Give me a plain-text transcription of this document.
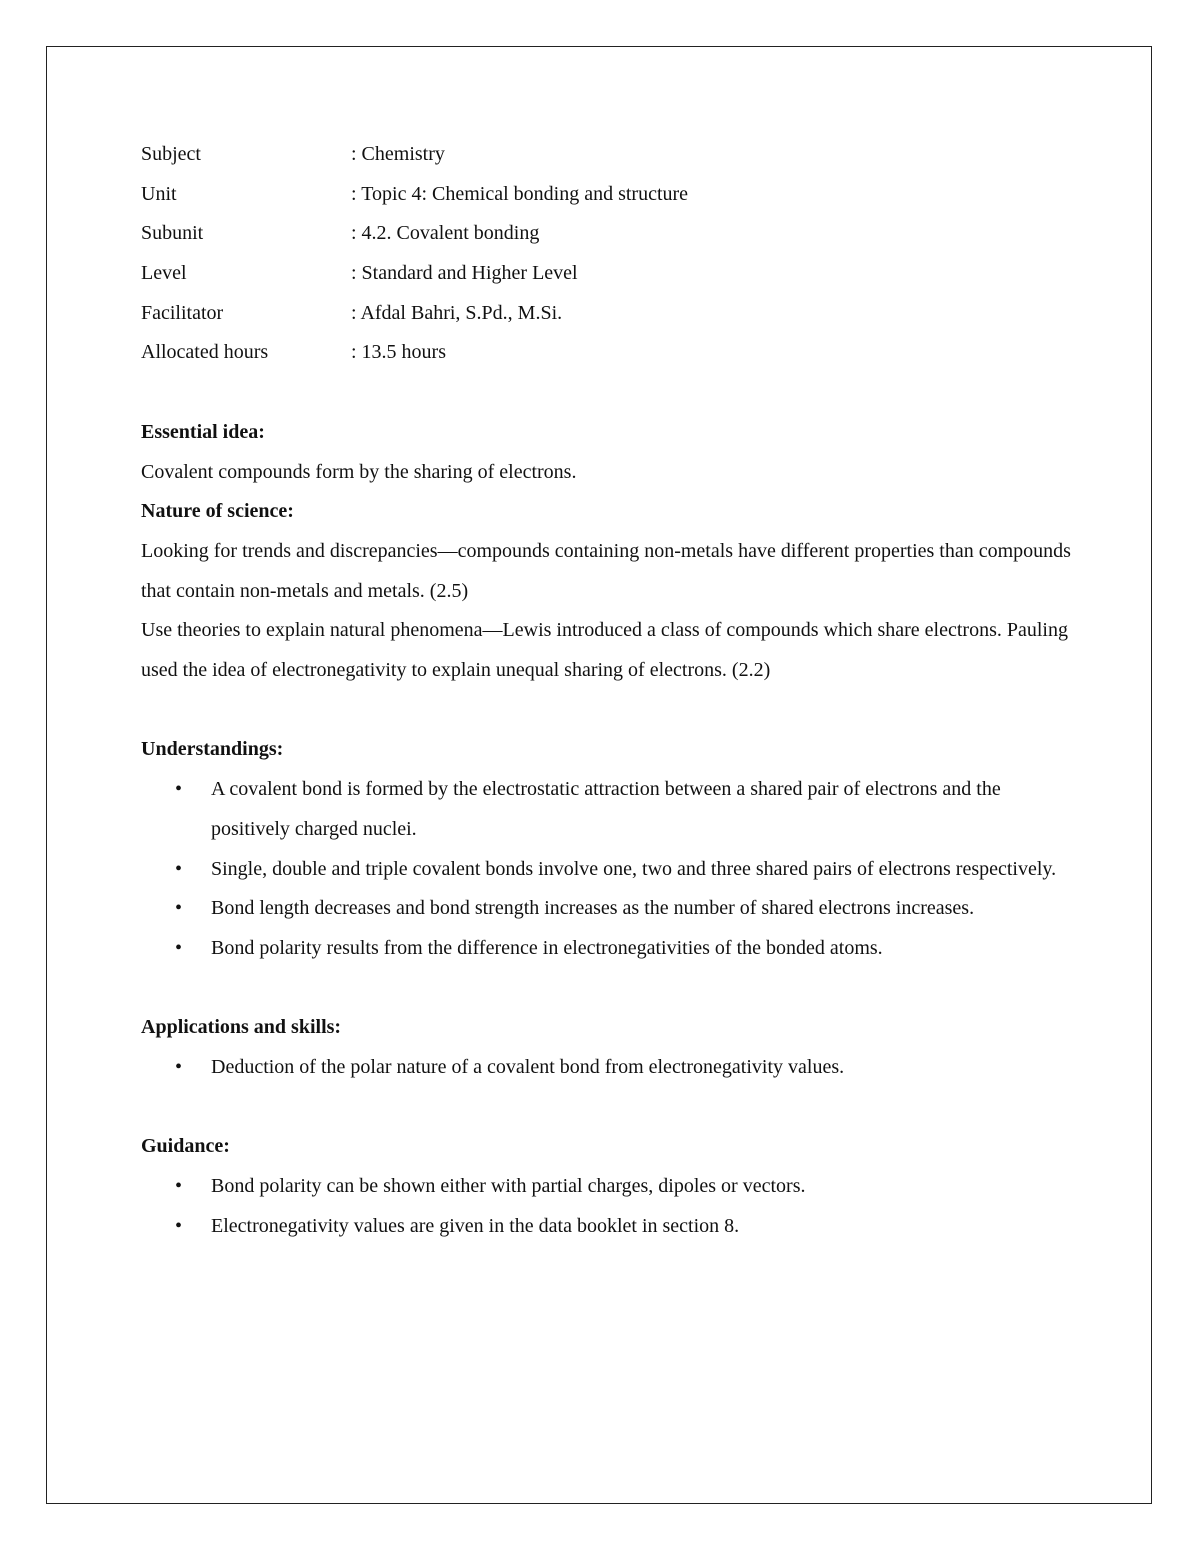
Subject	: Chemistry
Unit	: Topic 4: Chemical bonding and structure
Subunit	: 4.2. Covalent bonding
Level	: Standard and Higher Level
Facilitator	: Afdal Bahri, S.Pd., M.Si.
Allocated hours	: 13.5 hours
Essential idea:
Covalent compounds form by the sharing of electrons.
Nature of science:
Looking for trends and discrepancies—compounds containing non-metals have different properties than compounds that contain non-metals and metals. (2.5)
Use theories to explain natural phenomena—Lewis introduced a class of compounds which share electrons. Pauling used the idea of electronegativity to explain unequal sharing of electrons. (2.2)
Understandings:
• A covalent bond is formed by the electrostatic attraction between a shared pair of electrons and the positively charged nuclei.
• Single, double and triple covalent bonds involve one, two and three shared pairs of electrons respectively.
• Bond length decreases and bond strength increases as the number of shared electrons increases.
• Bond polarity results from the difference in electronegativities of the bonded atoms.
Applications and skills:
• Deduction of the polar nature of a covalent bond from electronegativity values.
Guidance:
• Bond polarity can be shown either with partial charges, dipoles or vectors.
• Electronegativity values are given in the data booklet in section 8.
